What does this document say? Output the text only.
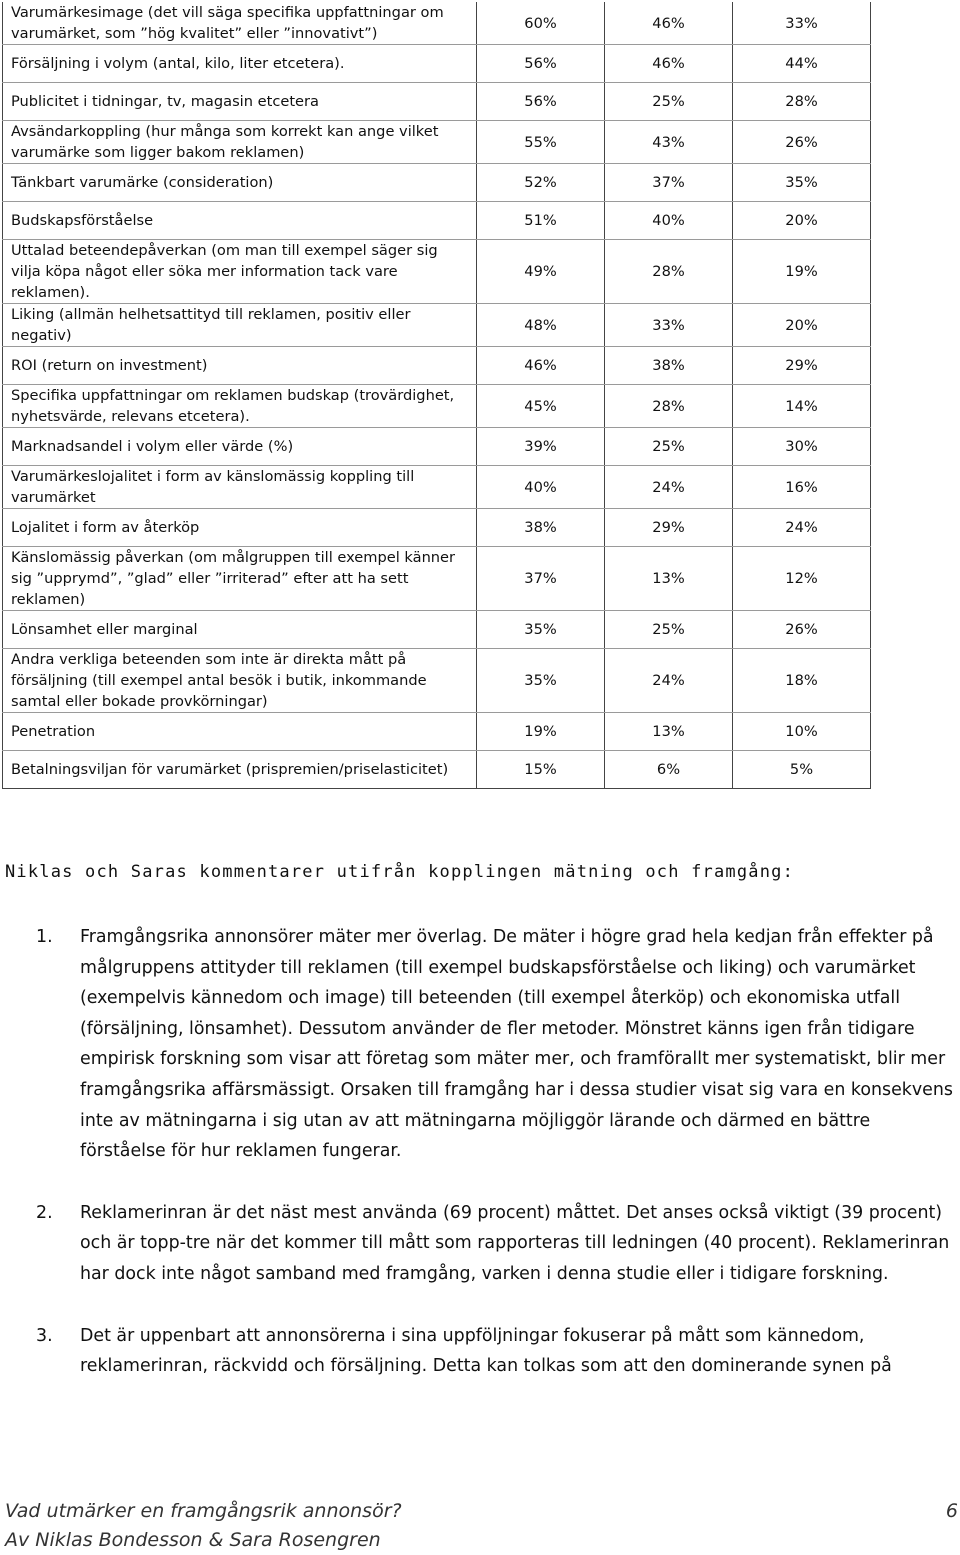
Varumärkesimage (det vill säga specifika uppfattningar om varumärket, som ”hög kvalitet” eller ”innovativt”)	60%	46%	33%
Försäljning i volym (antal, kilo, liter etcetera).	56%	46%	44%
Publicitet i tidningar, tv, magasin etcetera	56%	25%	28%
Avsändarkoppling (hur många som korrekt kan ange vilket varumärke som ligger bakom reklamen)	55%	43%	26%
Tänkbart varumärke (consideration)	52%	37%	35%
Budskapsförståelse	51%	40%	20%
Uttalad beteendepåverkan (om man till exempel säger sig vilja köpa något eller söka mer information tack vare reklamen).	49%	28%	19%
Liking (allmän helhetsattityd till reklamen, positiv eller negativ)	48%	33%	20%
ROI (return on investment)	46%	38%	29%
Specifika uppfattningar om reklamen budskap (trovärdighet, nyhetsvärde, relevans etcetera).	45%	28%	14%
Marknadsandel i volym eller värde (%)	39%	25%	30%
Varumärkeslojalitet i form av känslomässig koppling till varumärket	40%	24%	16%
Lojalitet i form av återköp	38%	29%	24%
Känslomässig påverkan (om målgruppen till exempel känner sig ”upprymd”, ”glad” eller ”irriterad” efter att ha sett reklamen)	37%	13%	12%
Lönsamhet eller marginal	35%	25%	26%
Andra verkliga beteenden som inte är direkta mått på försäljning (till exempel antal besök i butik, inkommande samtal eller bokade provkörningar)	35%	24%	18%
Penetration	19%	13%	10%
Betalningsviljan för varumärket (prispremien/priselasticitet)	15%	6%	5%
Niklas och Saras kommentarer utifrån kopplingen mätning och framgång:
1.	Framgångsrika annonsörer mäter mer överlag. De mäter i högre grad hela kedjan från effekter på målgruppens attityder till reklamen (till exempel budskapsförståelse och liking) och varumärket (exempelvis kännedom och image) till beteenden (till exempel återköp) och ekonomiska utfall (försäljning, lönsamhet). Dessutom använder de fler metoder. Mönstret känns igen från tidigare empirisk forskning som visar att företag som mäter mer, och framförallt mer systematiskt, blir mer framgångsrika affärsmässigt. Orsaken till framgång har i dessa studier visat sig vara en konsekvens inte av mätningarna i sig utan av att mätningarna möjliggör lärande och därmed en bättre förståelse för hur reklamen fungerar.
2.	Reklamerinran är det näst mest använda (69 procent) måttet. Det anses också viktigt (39 procent) och är topp-tre när det kommer till mått som rapporteras till ledningen (40 procent). Reklamerinran har dock inte något samband med framgång, varken i denna studie eller i tidigare forskning.
3.	Det är uppenbart att annonsörerna i sina uppföljningar fokuserar på mått som kännedom, reklamerinran, räckvidd och försäljning. Detta kan tolkas som att den dominerande synen på
Vad utmärker en framgångsrik annonsör?
Av Niklas Bondesson & Sara Rosengren
6
